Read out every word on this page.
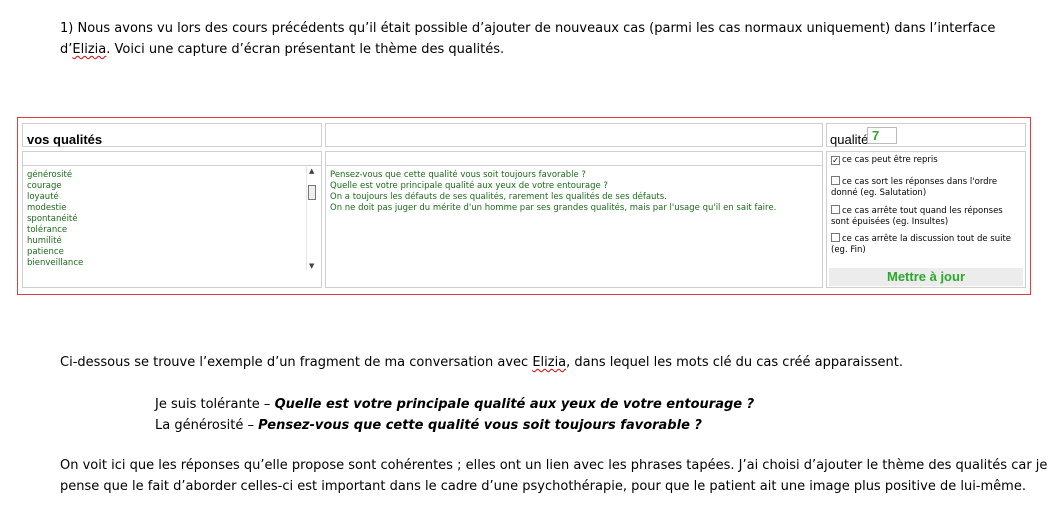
1) Nous avons vu lors des cours précédents qu’il était possible d’ajouter de nouveaux cas (parmi les cas normaux uniquement) dans l’interface
d’Elizia. Voici une capture d’écran présentant le thème des qualités.

vos qualités	qualité 7
générosité
courage
loyauté
modestie
spontanéité
tolérance
humilité
patience
bienveillance
▲
▼
Pensez-vous que cette qualité vous soit toujours favorable ?
Quelle est votre principale qualité aux yeux de votre entourage ?
On a toujours les défauts de ses qualités, rarement les qualités de ses défauts.
On ne doit pas juger du mérite d'un homme par ses grandes qualités, mais par l'usage qu'il en sait faire.
✓ ce cas peut être repris
ce cas sort les réponses dans l'ordre
donné (eg. Salutation)
ce cas arrête tout quand les réponses
sont épuisées (eg. Insultes)
ce cas arrête la discussion tout de suite
(eg. Fin)
Mettre à jour

Ci-dessous se trouve l’exemple d’un fragment de ma conversation avec Elizia, dans lequel les mots clé du cas créé apparaissent.

Je suis tolérante – Quelle est votre principale qualité aux yeux de votre entourage ?
La générosité – Pensez-vous que cette qualité vous soit toujours favorable ?

On voit ici que les réponses qu’elle propose sont cohérentes ; elles ont un lien avec les phrases tapées. J’ai choisi d’ajouter le thème des qualités car je
pense que le fait d’aborder celles-ci est important dans le cadre d’une psychothérapie, pour que le patient ait une image plus positive de lui-même.
